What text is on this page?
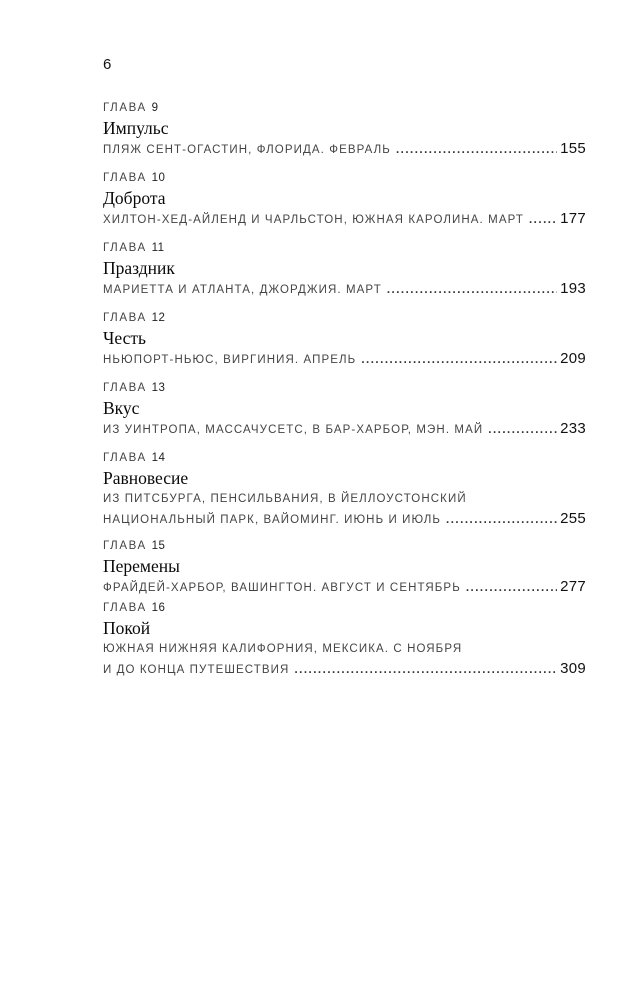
6
ГЛАВА 9
Импульс
ПЛЯЖ СЕНТ-ОГАСТИН, ФЛОРИДА. ФЕВРАЛЬ .....	155
ГЛАВА 10
Доброта
ХИЛТОН-ХЕД-АЙЛЕНД И ЧАРЛЬСТОН, ЮЖНАЯ КАРОЛИНА. МАРТ ..... 177
ГЛАВА 11
Праздник
МАРИЕТТА И АТЛАНТА, ДЖОРДЖИЯ. МАРТ .....	193
ГЛАВА 12
Честь
НЬЮПОРТ-НЬЮС, ВИРГИНИЯ. АПРЕЛЬ .....	209
ГЛАВА 13
Вкус
ИЗ УИНТРОПА, МАССАЧУСЕТС, В БАР-ХАРБОР, МЭН. МАЙ .....	233
ГЛАВА 14
Равновесие
ИЗ ПИТСБУРГА, ПЕНСИЛЬВАНИЯ, В ЙЕЛЛОУСТОНСКИЙ
НАЦИОНАЛЬНЫЙ ПАРК, ВАЙОМИНГ. ИЮНЬ И ИЮЛЬ .....	255
ГЛАВА 15
Перемены
ФРАЙДЕЙ-ХАРБОР, ВАШИНГТОН. АВГУСТ И СЕНТЯБРЬ .....	277
ГЛАВА 16
Покой
ЮЖНАЯ НИЖНЯЯ КАЛИФОРНИЯ, МЕКСИКА. С НОЯБРЯ
И ДО КОНЦА ПУТЕШЕСТВИЯ .....	309
